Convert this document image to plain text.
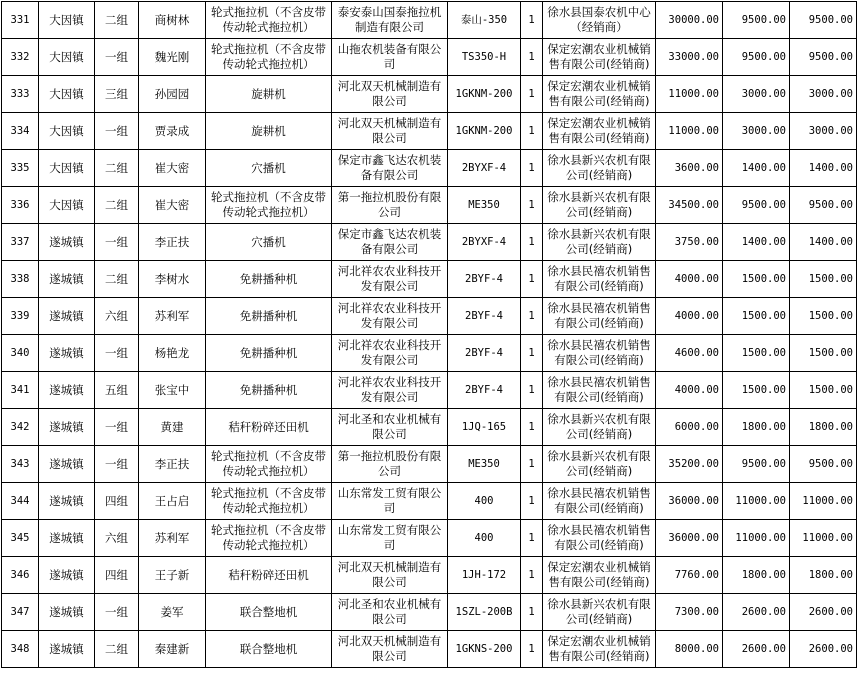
331	大因镇	二组	商树林	轮式拖拉机（不含皮带传动轮式拖拉机）	泰安泰山国泰拖拉机制造有限公司	泰山-350	1	徐水县国泰农机中心（经销商）	30000.00	9500.00	9500.00
332	大因镇	一组	魏光刚	轮式拖拉机（不含皮带传动轮式拖拉机）	山拖农机装备有限公司	TS350-H	1	保定宏潮农业机械销售有限公司(经销商)	33000.00	9500.00	9500.00
333	大因镇	三组	孙园园	旋耕机	河北双天机械制造有限公司	1GKNM-200	1	保定宏潮农业机械销售有限公司(经销商)	11000.00	3000.00	3000.00
334	大因镇	一组	贾录成	旋耕机	河北双天机械制造有限公司	1GKNM-200	1	保定宏潮农业机械销售有限公司(经销商)	11000.00	3000.00	3000.00
335	大因镇	二组	崔大密	穴播机	保定市鑫飞达农机装备有限公司	2BYXF-4	1	徐水县新兴农机有限公司(经销商)	3600.00	1400.00	1400.00
336	大因镇	二组	崔大密	轮式拖拉机（不含皮带传动轮式拖拉机）	第一拖拉机股份有限公司	ME350	1	徐水县新兴农机有限公司(经销商)	34500.00	9500.00	9500.00
337	遂城镇	一组	李正扶	穴播机	保定市鑫飞达农机装备有限公司	2BYXF-4	1	徐水县新兴农机有限公司(经销商)	3750.00	1400.00	1400.00
338	遂城镇	二组	李树水	免耕播种机	河北祥农农业科技开发有限公司	2BYF-4	1	徐水县民禧农机销售有限公司(经销商)	4000.00	1500.00	1500.00
339	遂城镇	六组	苏利军	免耕播种机	河北祥农农业科技开发有限公司	2BYF-4	1	徐水县民禧农机销售有限公司(经销商)	4000.00	1500.00	1500.00
340	遂城镇	一组	杨艳龙	免耕播种机	河北祥农农业科技开发有限公司	2BYF-4	1	徐水县民禧农机销售有限公司(经销商)	4600.00	1500.00	1500.00
341	遂城镇	五组	张宝中	免耕播种机	河北祥农农业科技开发有限公司	2BYF-4	1	徐水县民禧农机销售有限公司(经销商)	4000.00	1500.00	1500.00
342	遂城镇	一组	黄建	秸秆粉碎还田机	河北圣和农业机械有限公司	1JQ-165	1	徐水县新兴农机有限公司(经销商)	6000.00	1800.00	1800.00
343	遂城镇	一组	李正扶	轮式拖拉机（不含皮带传动轮式拖拉机）	第一拖拉机股份有限公司	ME350	1	徐水县新兴农机有限公司(经销商)	35200.00	9500.00	9500.00
344	遂城镇	四组	王占启	轮式拖拉机（不含皮带传动轮式拖拉机）	山东常发工贸有限公司	400	1	徐水县民禧农机销售有限公司(经销商)	36000.00	11000.00	11000.00
345	遂城镇	六组	苏利军	轮式拖拉机（不含皮带传动轮式拖拉机）	山东常发工贸有限公司	400	1	徐水县民禧农机销售有限公司(经销商)	36000.00	11000.00	11000.00
346	遂城镇	四组	王子新	秸秆粉碎还田机	河北双天机械制造有限公司	1JH-172	1	保定宏潮农业机械销售有限公司(经销商)	7760.00	1800.00	1800.00
347	遂城镇	一组	姜军	联合整地机	河北圣和农业机械有限公司	1SZL-200B	1	徐水县新兴农机有限公司(经销商)	7300.00	2600.00	2600.00
348	遂城镇	二组	秦建新	联合整地机	河北双天机械制造有限公司	1GKNS-200	1	保定宏潮农业机械销售有限公司(经销商)	8000.00	2600.00	2600.00
